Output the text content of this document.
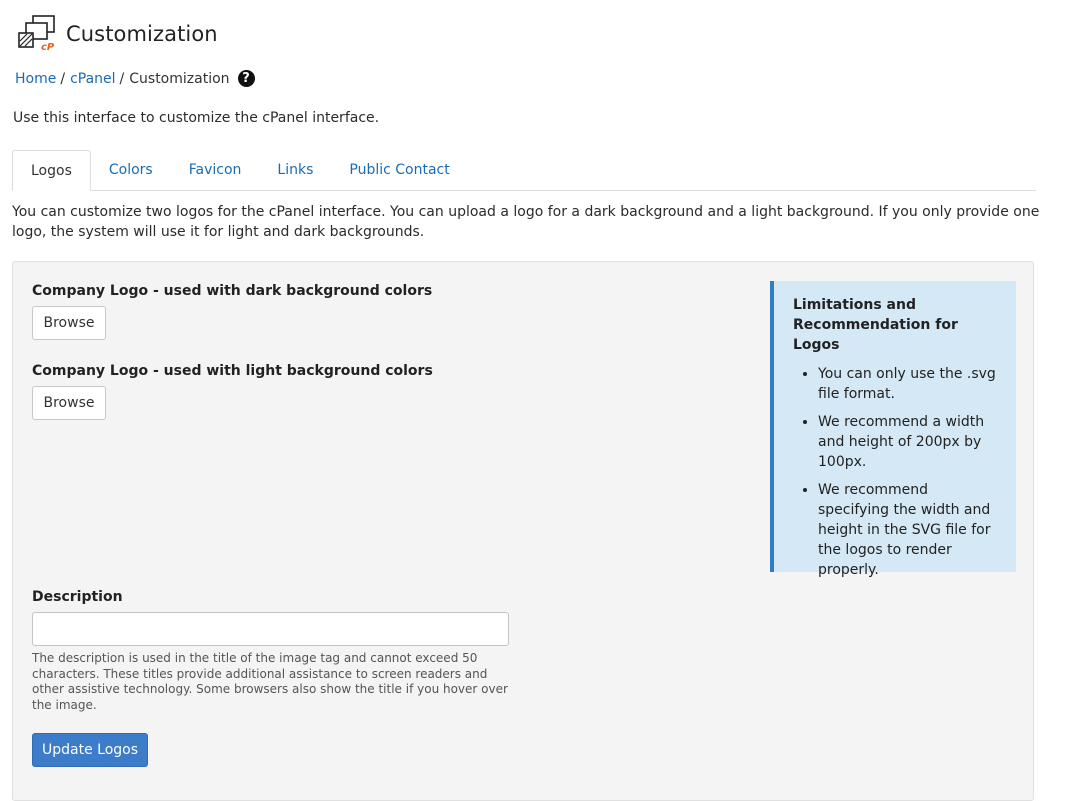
cP
Customization
Home / cPanel / Customization ?
Use this interface to customize the cPanel interface.
Logos	Colors	Favicon	Links	Public Contact
You can customize two logos for the cPanel interface. You can upload a logo for a dark background and a light background. If you only provide one logo, the system will use it for light and dark backgrounds.
Company Logo - used with dark background colors
Browse
Company Logo - used with light background colors
Browse
Limitations and Recommendation for Logos
• You can only use the .svg file format.
• We recommend a width and height of 200px by 100px.
• We recommend specifying the width and height in the SVG file for the logos to render properly.
Description
The description is used in the title of the image tag and cannot exceed 50 characters. These titles provide additional assistance to screen readers and other assistive technology. Some browsers also show the title if you hover over the image.
Update Logos
